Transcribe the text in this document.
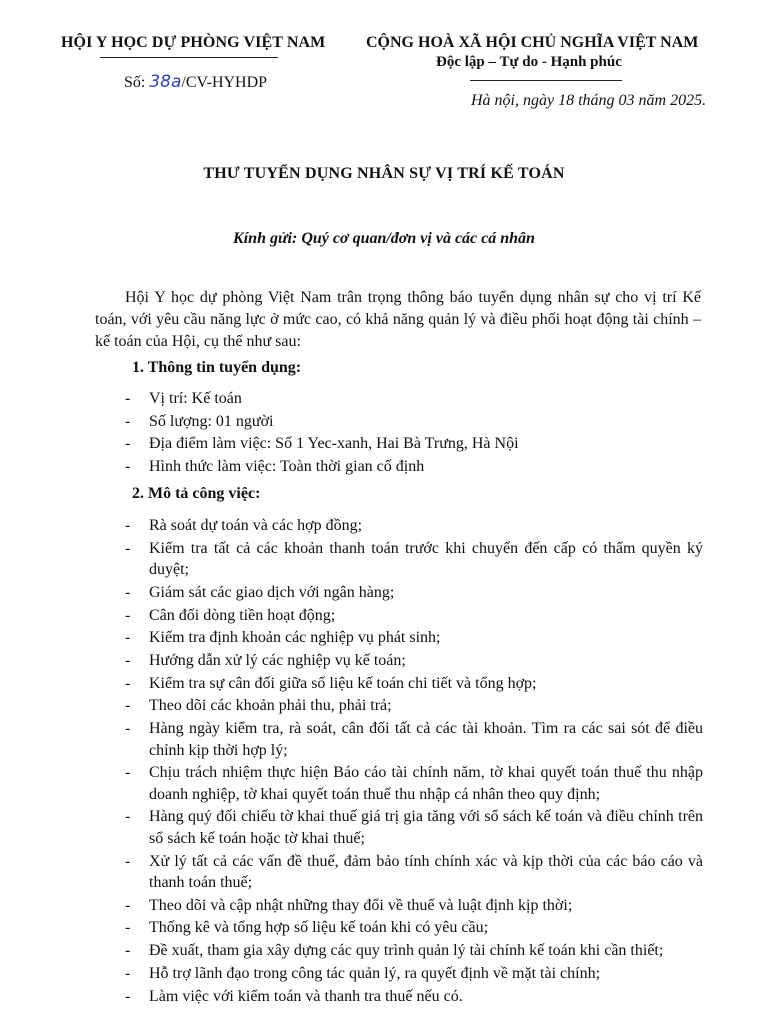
HỘI Y HỌC DỰ PHÒNG VIỆT NAM
Số: 38a/CV-HYHDP
CỘNG HOÀ XÃ HỘI CHỦ NGHĨA VIỆT NAM
Độc lập – Tự do - Hạnh phúc
Hà nội, ngày 18 tháng 03 năm 2025.
THƯ TUYỂN DỤNG NHÂN SỰ VỊ TRÍ KẾ TOÁN
Kính gửi: Quý cơ quan/đơn vị và các cá nhân
Hội Y học dự phòng Việt Nam trân trọng thông báo tuyển dụng nhân sự cho vị trí Kế toán, với yêu cầu năng lực ở mức cao, có khả năng quản lý và điều phối hoạt động tài chính – kế toán của Hội, cụ thể như sau:
1. Thông tin tuyển dụng:
- Vị trí: Kế toán
- Số lượng: 01 người
- Địa điểm làm việc: Số 1 Yec-xanh, Hai Bà Trưng, Hà Nội
- Hình thức làm việc: Toàn thời gian cố định
2. Mô tả công việc:
- Rà soát dự toán và các hợp đồng;
- Kiểm tra tất cả các khoản thanh toán trước khi chuyển đến cấp có thẩm quyền ký duyệt;
- Giám sát các giao dịch với ngân hàng;
- Cân đối dòng tiền hoạt động;
- Kiểm tra định khoản các nghiệp vụ phát sinh;
- Hướng dẫn xử lý các nghiệp vụ kế toán;
- Kiểm tra sự cân đối giữa số liệu kế toán chi tiết và tổng hợp;
- Theo dõi các khoản phải thu, phải trả;
- Hàng ngày kiểm tra, rà soát, cân đối tất cả các tài khoản. Tìm ra các sai sót để điều chỉnh kịp thời hợp lý;
- Chịu trách nhiệm thực hiện Báo cáo tài chính năm, tờ khai quyết toán thuế thu nhập doanh nghiệp, tờ khai quyết toán thuế thu nhập cá nhân theo quy định;
- Hàng quý đối chiếu tờ khai thuế giá trị gia tăng với sổ sách kế toán và điều chỉnh trên sổ sách kế toán hoặc tờ khai thuế;
- Xử lý tất cả các vấn đề thuế, đảm bảo tính chính xác và kịp thời của các báo cáo và thanh toán thuế;
- Theo dõi và cập nhật những thay đổi về thuế và luật định kịp thời;
- Thống kê và tổng hợp số liệu kế toán khi có yêu cầu;
- Đề xuất, tham gia xây dựng các quy trình quản lý tài chính kế toán khi cần thiết;
- Hỗ trợ lãnh đạo trong công tác quản lý, ra quyết định về mặt tài chính;
- Làm việc với kiểm toán và thanh tra thuế nếu có.
